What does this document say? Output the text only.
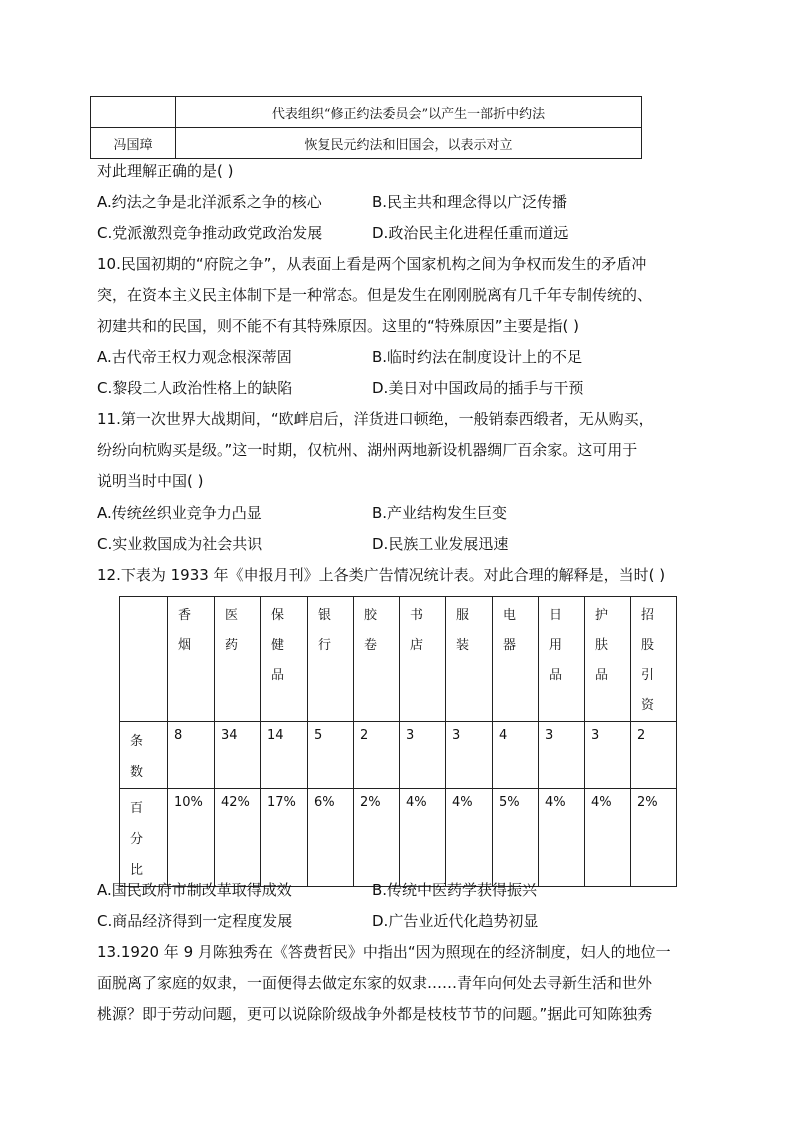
	代表组织“修正约法委员会”以产生一部折中约法
冯国璋	恢复民元约法和旧国会，以表示对立
对此理解正确的是( )
A.约法之争是北洋派系之争的核心	B.民主共和理念得以广泛传播
C.党派激烈竞争推动政党政治发展	D.政治民主化进程任重而道远
10.民国初期的“府院之争”，从表面上看是两个国家机构之间为争权而发生的矛盾冲
突，在资本主义民主体制下是一种常态。但是发生在刚刚脱离有几千年专制传统的、
初建共和的民国，则不能不有其特殊原因。这里的“特殊原因”主要是指( )
A.古代帝王权力观念根深蒂固	B.临时约法在制度设计上的不足
C.黎段二人政治性格上的缺陷	D.美日对中国政局的插手与干预
11.第一次世界大战期间，“欧衅启后，洋货进口顿绝，一般销泰西缎者，无从购买，
纷纷向杭购买是级。”这一时期，仅杭州、湖州两地新设机器绸厂百余家。这可用于
说明当时中国( )
A.传统丝织业竞争力凸显	B.产业结构发生巨变
C.实业救国成为社会共识	D.民族工业发展迅速
12.下表为 1933 年《申报月刊》上各类广告情况统计表。对此合理的解释是，当时( )

	香烟	医药	保健品	银行	胶卷	书店	服装	电器	日用品	护肤品	招股引资

条数	8	34	14	5	2	3	3	4	3	3	2

百分比	10%	42%	17%	6%	2%	4%	4%	5%	4%	4%	2%
A.国民政府市制改革取得成效	B.传统中医药学获得振兴
C.商品经济得到一定程度发展	D.广告业近代化趋势初显
13.1920 年 9 月陈独秀在《答费哲民》中指出“因为照现在的经济制度，妇人的地位一
面脱离了家庭的奴隶，一面便得去做定东家的奴隶……青年向何处去寻新生活和世外
桃源？即于劳动问题，更可以说除阶级战争外都是枝枝节节的问题。”据此可知陈独秀
